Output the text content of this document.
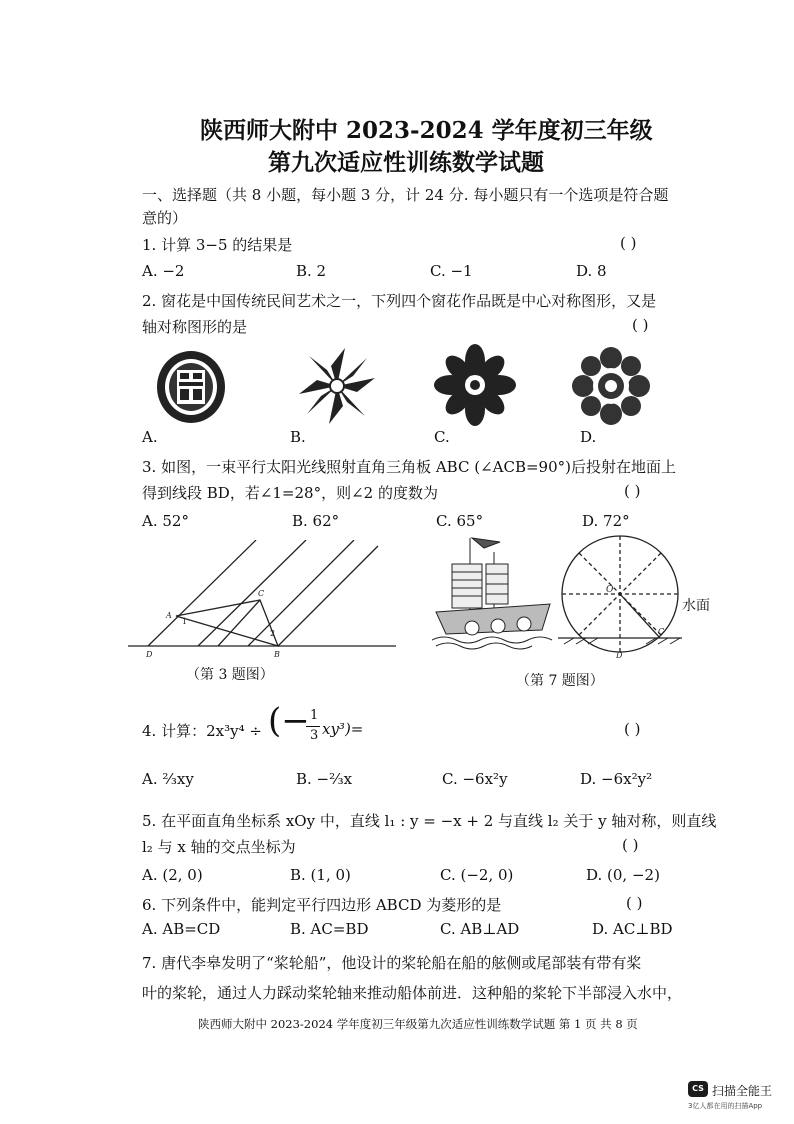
陕西师大附中 2023-2024 学年度初三年级
第九次适应性训练数学试题
一、选择题（共 8 小题，每小题 3 分，计 24 分. 每小题只有一个选项是符合题
意的）
1. 计算 3−5 的结果是	( )
A. −2	B. 2	C. −1	D. 8
2. 窗花是中国传统民间艺术之一，下列四个窗花作品既是中心对称图形，又是
轴对称图形的是	( )
A.	B.	C.	D.
3. 如图，一束平行太阳光线照射直角三角板 ABC (∠ACB=90°)后投射在地面上
得到线段 BD，若∠1=28°，则∠2 的度数为	( )
A. 52°	B. 62°	C. 65°	D. 72°
A
C
1
2
D	B
（第 3 题图）
O
C
D
水面
（第 7 题图）
4. 计算：2x³y⁴ ÷ (− 1
3 xy³)=	( )
A. ²⁄₃xy	B. −²⁄₃x	C. −6x²y	D. −6x²y²
5. 在平面直角坐标系 xOy 中，直线 l₁ : y = −x + 2 与直线 l₂ 关于 y 轴对称，则直线
l₂ 与 x 轴的交点坐标为	( )
A. (2, 0)	B. (1, 0)	C. (−2, 0)	D. (0, −2)
6. 下列条件中，能判定平行四边形 ABCD 为菱形的是	( )
A. AB=CD	B. AC=BD	C. AB⊥AD	D. AC⊥BD
7. 唐代李皋发明了“桨轮船”，他设计的桨轮船在船的舷侧或尾部装有带有桨
叶的桨轮，通过人力踩动桨轮轴来推动船体前进．这种船的桨轮下半部浸入水中，
陕西师大附中 2023-2024 学年度初三年级第九次适应性训练数学试题 第 1 页 共 8 页
CS 扫描全能王
3亿人都在用的扫描App
